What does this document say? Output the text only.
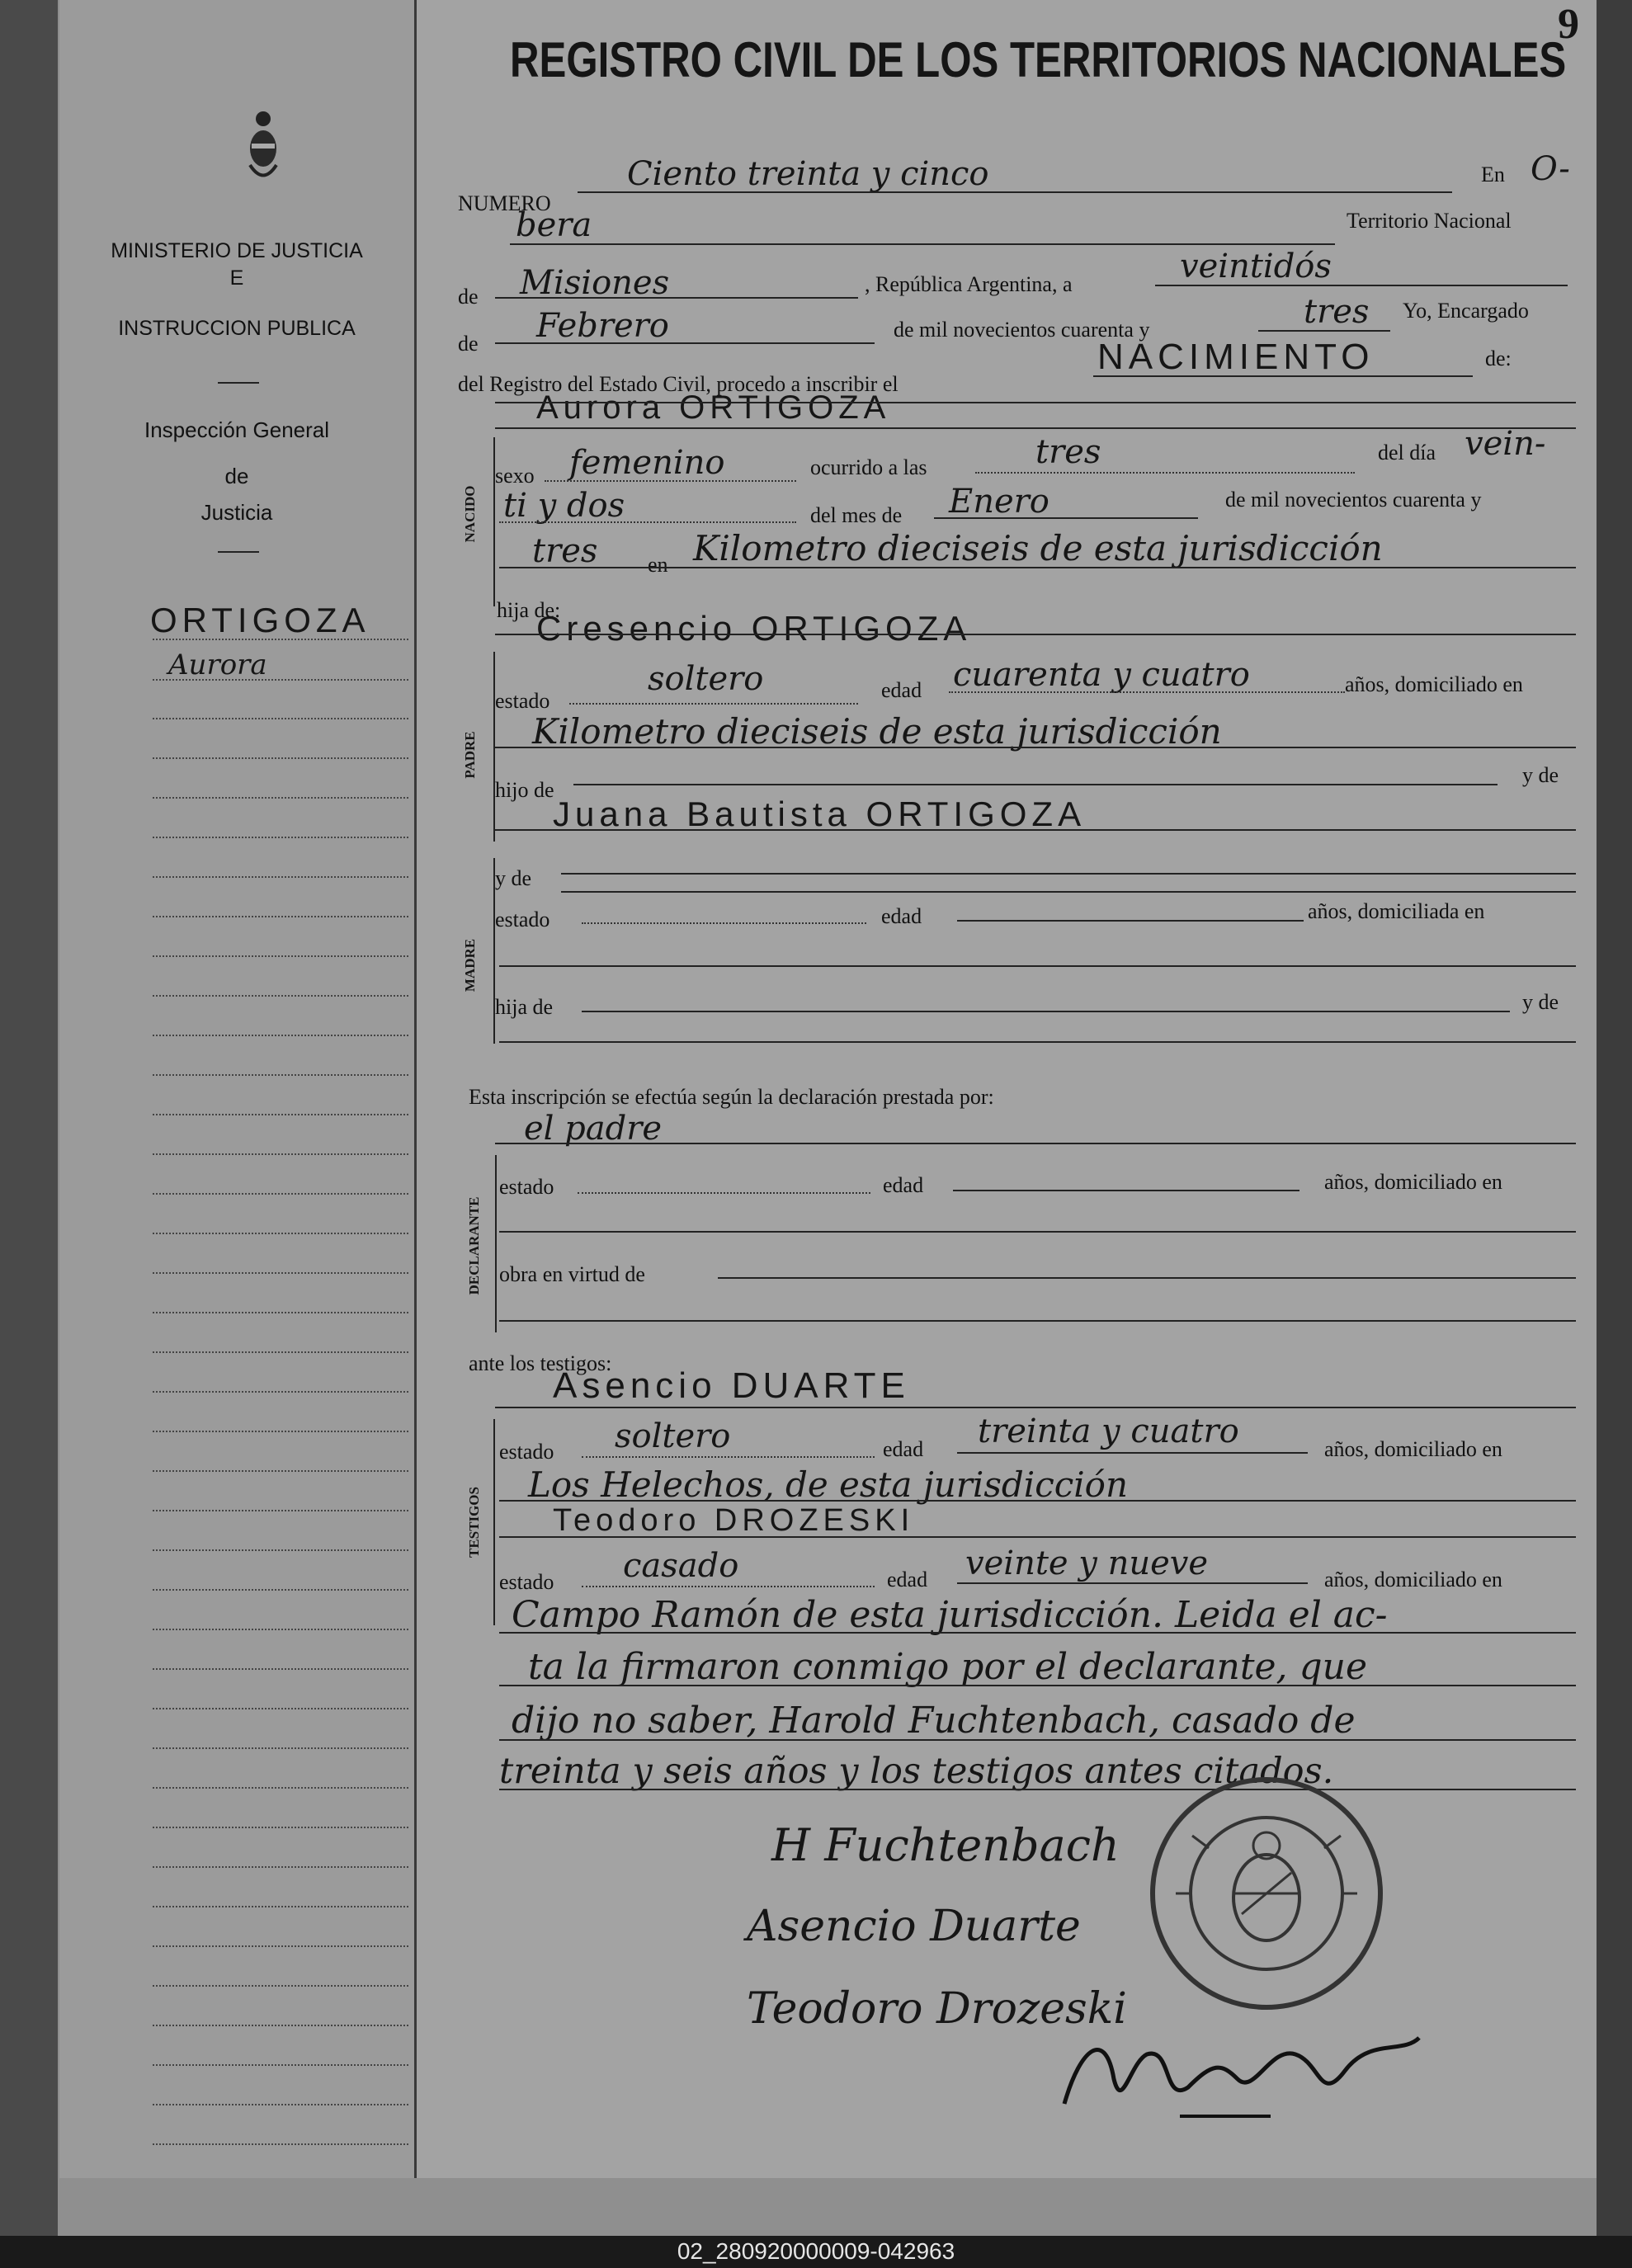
MINISTERIO DE JUSTICIA
E
INSTRUCCION PUBLICA
Inspección General
de
Justicia
ORTIGOZA
Aurora
9
REGISTRO CIVIL DE LOS TERRITORIOS NACIONALES
NUMERO
Ciento treinta y cinco	En O-
bera	Territorio Nacional
de Misiones	, República Argentina, a	veintidós
de Febrero	de mil novecientos cuarenta y	tres Yo, Encargado
del Registro del Estado Civil, procedo a inscribir el
NACIMIENTO	de:
Aurora ORTIGOZA
NACIDO
sexo femenino	ocurrido a las	tres	del día vein-
ti y dos	del mes de Enero	de mil novecientos cuarenta y
tres en Kilometro dieciseis de esta jurisdicción
hija de:
Cresencio ORTIGOZA
PADRE
estado
soltero	edad cuarenta y cuatro	años, domiciliado en
Kilometro dieciseis de esta jurisdicción
hijo de
y de
Juana Bautista ORTIGOZA
MADRE
y de
estado	edad	años, domiciliada en
hija de	y de
Esta inscripción se efectúa según la declaración prestada por:
el padre
DECLARANTE
estado	edad	años, domiciliado en
obra en virtud de
ante los testigos:
Asencio DUARTE
TESTIGOS
estado soltero	edad treinta y cuatro	años, domiciliado en
Los Helechos, de esta jurisdicción
Teodoro DROZESKI
estado casado	edad veinte y nueve	años, domiciliado en
Campo Ramón de esta jurisdicción. Leida el ac-
ta la firmaron conmigo por el declarante, que
dijo no saber, Harold Fuchtenbach, casado de
treinta y seis años y los testigos antes citados.
H Fuchtenbach
Asencio Duarte
Teodoro Drozeski
02_280920000009-042963
